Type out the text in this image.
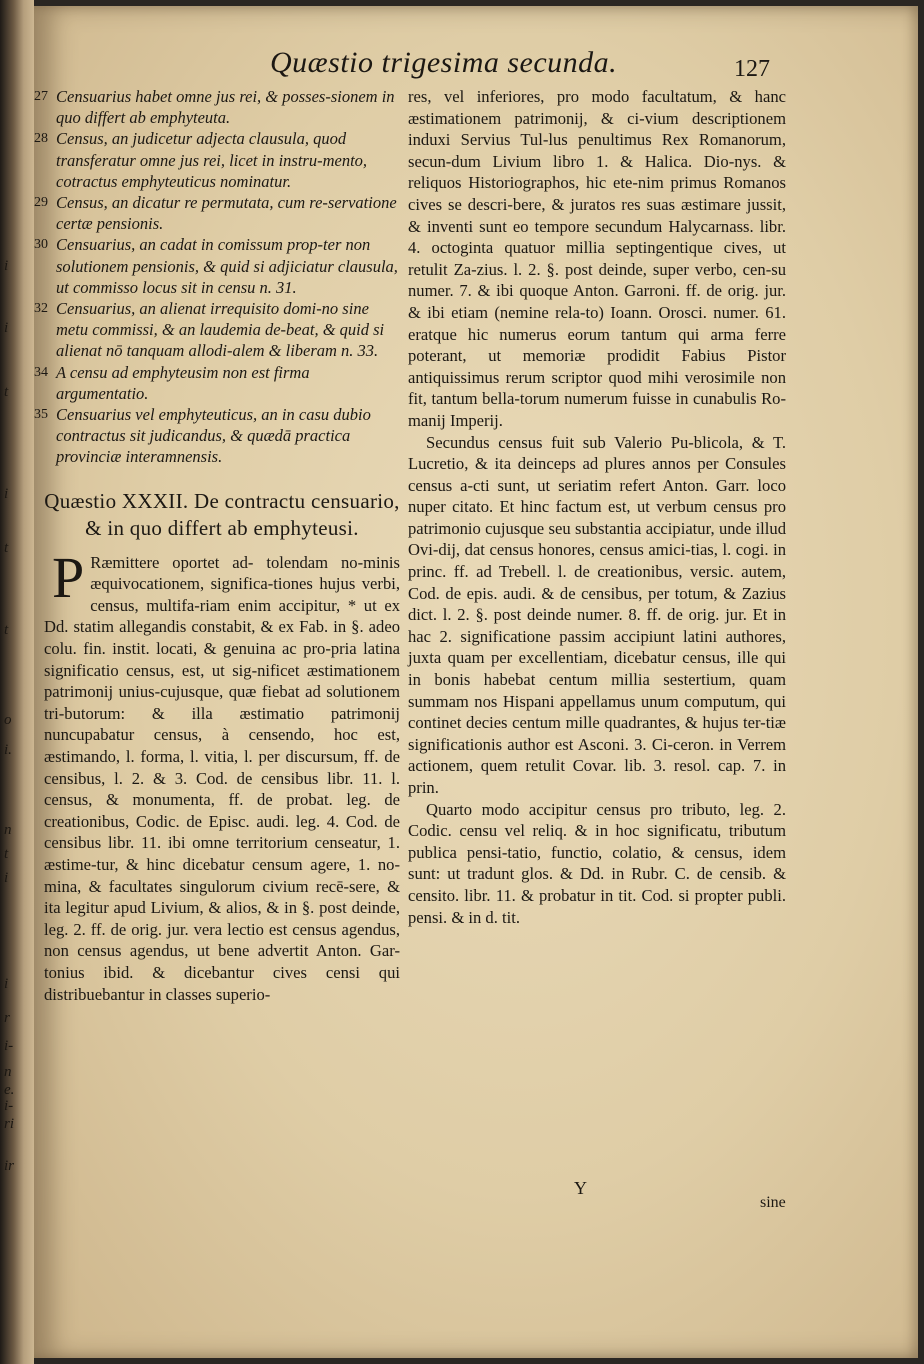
i
i
t
i
t
t
o
i.
n
t
i
i
r
i-
n
e.
i-
ri
ir
Quæstio trigesima secunda.	127

27 Censuarius habet omne jus rei, & posses-sionem in quo differt ab emphyteuta.

28 Census, an judicetur adjecta clausula, quod transferatur omne jus rei, licet in instru-mento, cotractus emphyteuticus nominatur.

29 Census, an dicatur re permutata, cum re-servatione certæ pensionis.

30 Censuarius, an cadat in comissum prop-ter non solutionem pensionis, & quid si adjiciatur clausula, ut commisso locus sit in censu n. 31.

32 Censuarius, an alienat irrequisito domi-no sine metu commissi, & an laudemia de-beat, & quid si alienat nō tanquam allodi-alem & liberam n. 33.

34 A censu ad emphyteusim non est firma argumentatio.

35 Censuarius vel emphyteuticus, an in casu dubio contractus sit judicandus, & quædā practica provinciæ interamnensis.

Quæstio XXXII. De contractu censuario, & in quo differt ab emphyteusi.

P Ræmittere oportet ad- tolendam no-minis æquivocationem, significa-tiones hujus verbi, census, multifa-riam enim accipitur, * ut ex Dd. statim allegandis constabit, & ex Fab. in §. adeo colu. fin. instit. locati, & genuina ac pro-pria latina significatio census, est, ut sig-nificet æstimationem patrimonij unius-cujusque, quæ fiebat ad solutionem tri-butorum: & illa æstimatio patrimonij nuncupabatur census, à censendo, hoc est, æstimando, l. forma, l. vitia, l. per discursum, ff. de censibus, l. 2. & 3. Cod. de censibus libr. 11. l. census, & monumenta, ff. de probat. leg. de creationibus, Codic. de Episc. audi. leg. 4. Cod. de censibus libr. 11. ibi omne territorium censeatur, 1. æstime-tur, & hinc dicebatur censum agere, 1. no-mina, & facultates singulorum civium recē-sere, & ita legitur apud Livium, & alios, & in §. post deinde, leg. 2. ff. de orig. jur. vera lectio est census agendus, non census agendus, ut bene advertit Anton. Gar-tonius ibid. & dicebantur cives censi qui distribuebantur in classes superio-

res, vel inferiores, pro modo facultatum, & hanc æstimationem patrimonij, & ci-vium descriptionem induxi Servius Tul-lus penultimus Rex Romanorum, secun-dum Livium libro 1. & Halica. Dio-nys. & reliquos Historiographos, hic ete-nim primus Romanos cives se descri-bere, & juratos res suas æstimare jussit, & inventi sunt eo tempore secundum Halycarnass. libr. 4. octoginta quatuor millia septingentique cives, ut retulit Za-zius. l. 2. §. post deinde, super verbo, cen-su numer. 7. & ibi quoque Anton. Garroni. ff. de orig. jur. & ibi etiam (nemine rela-to) Ioann. Orosci. numer. 61. eratque hic numerus eorum tantum qui arma ferre poterant, ut memoriæ prodidit Fabius Pistor antiquissimus rerum scriptor quod mihi verosimile non fit, tantum bella-torum numerum fuisse in cunabulis Ro-manij Imperij.

Secundus census fuit sub Valerio Pu-blicola, & T. Lucretio, & ita deinceps ad plures annos per Consules census a-cti sunt, ut seriatim refert Anton. Garr. loco nuper citato. Et hinc factum est, ut verbum census pro patrimonio cujusque seu substantia accipiatur, unde illud Ovi-dij, dat census honores, census amici-tias, l. cogi. in princ. ff. ad Trebell. l. de creationibus, versic. autem, Cod. de epis. audi. & de censibus, per totum, & Zazius dict. l. 2. §. post deinde numer. 8. ff. de orig. jur. Et in hac 2. significatione passim accipiunt latini authores, juxta quam per excellentiam, dicebatur census, ille qui in bonis habebat centum millia sestertium, quam summam nos Hispani appellamus unum computum, qui continet decies centum mille quadrantes, & hujus ter-tiæ significationis author est Asconi. 3. Ci-ceron. in Verrem actionem, quem retulit Covar. lib. 3. resol. cap. 7. in prin.

Quarto modo accipitur census pro tributo, leg. 2. Codic. censu vel reliq. & in hoc significatu, tributum publica pensi-tatio, functio, colatio, & census, idem sunt: ut tradunt glos. & Dd. in Rubr. C. de censib. & censito. libr. 11. & probatur in tit. Cod. si propter publi. pensi. & in d. tit.

Y
sine
